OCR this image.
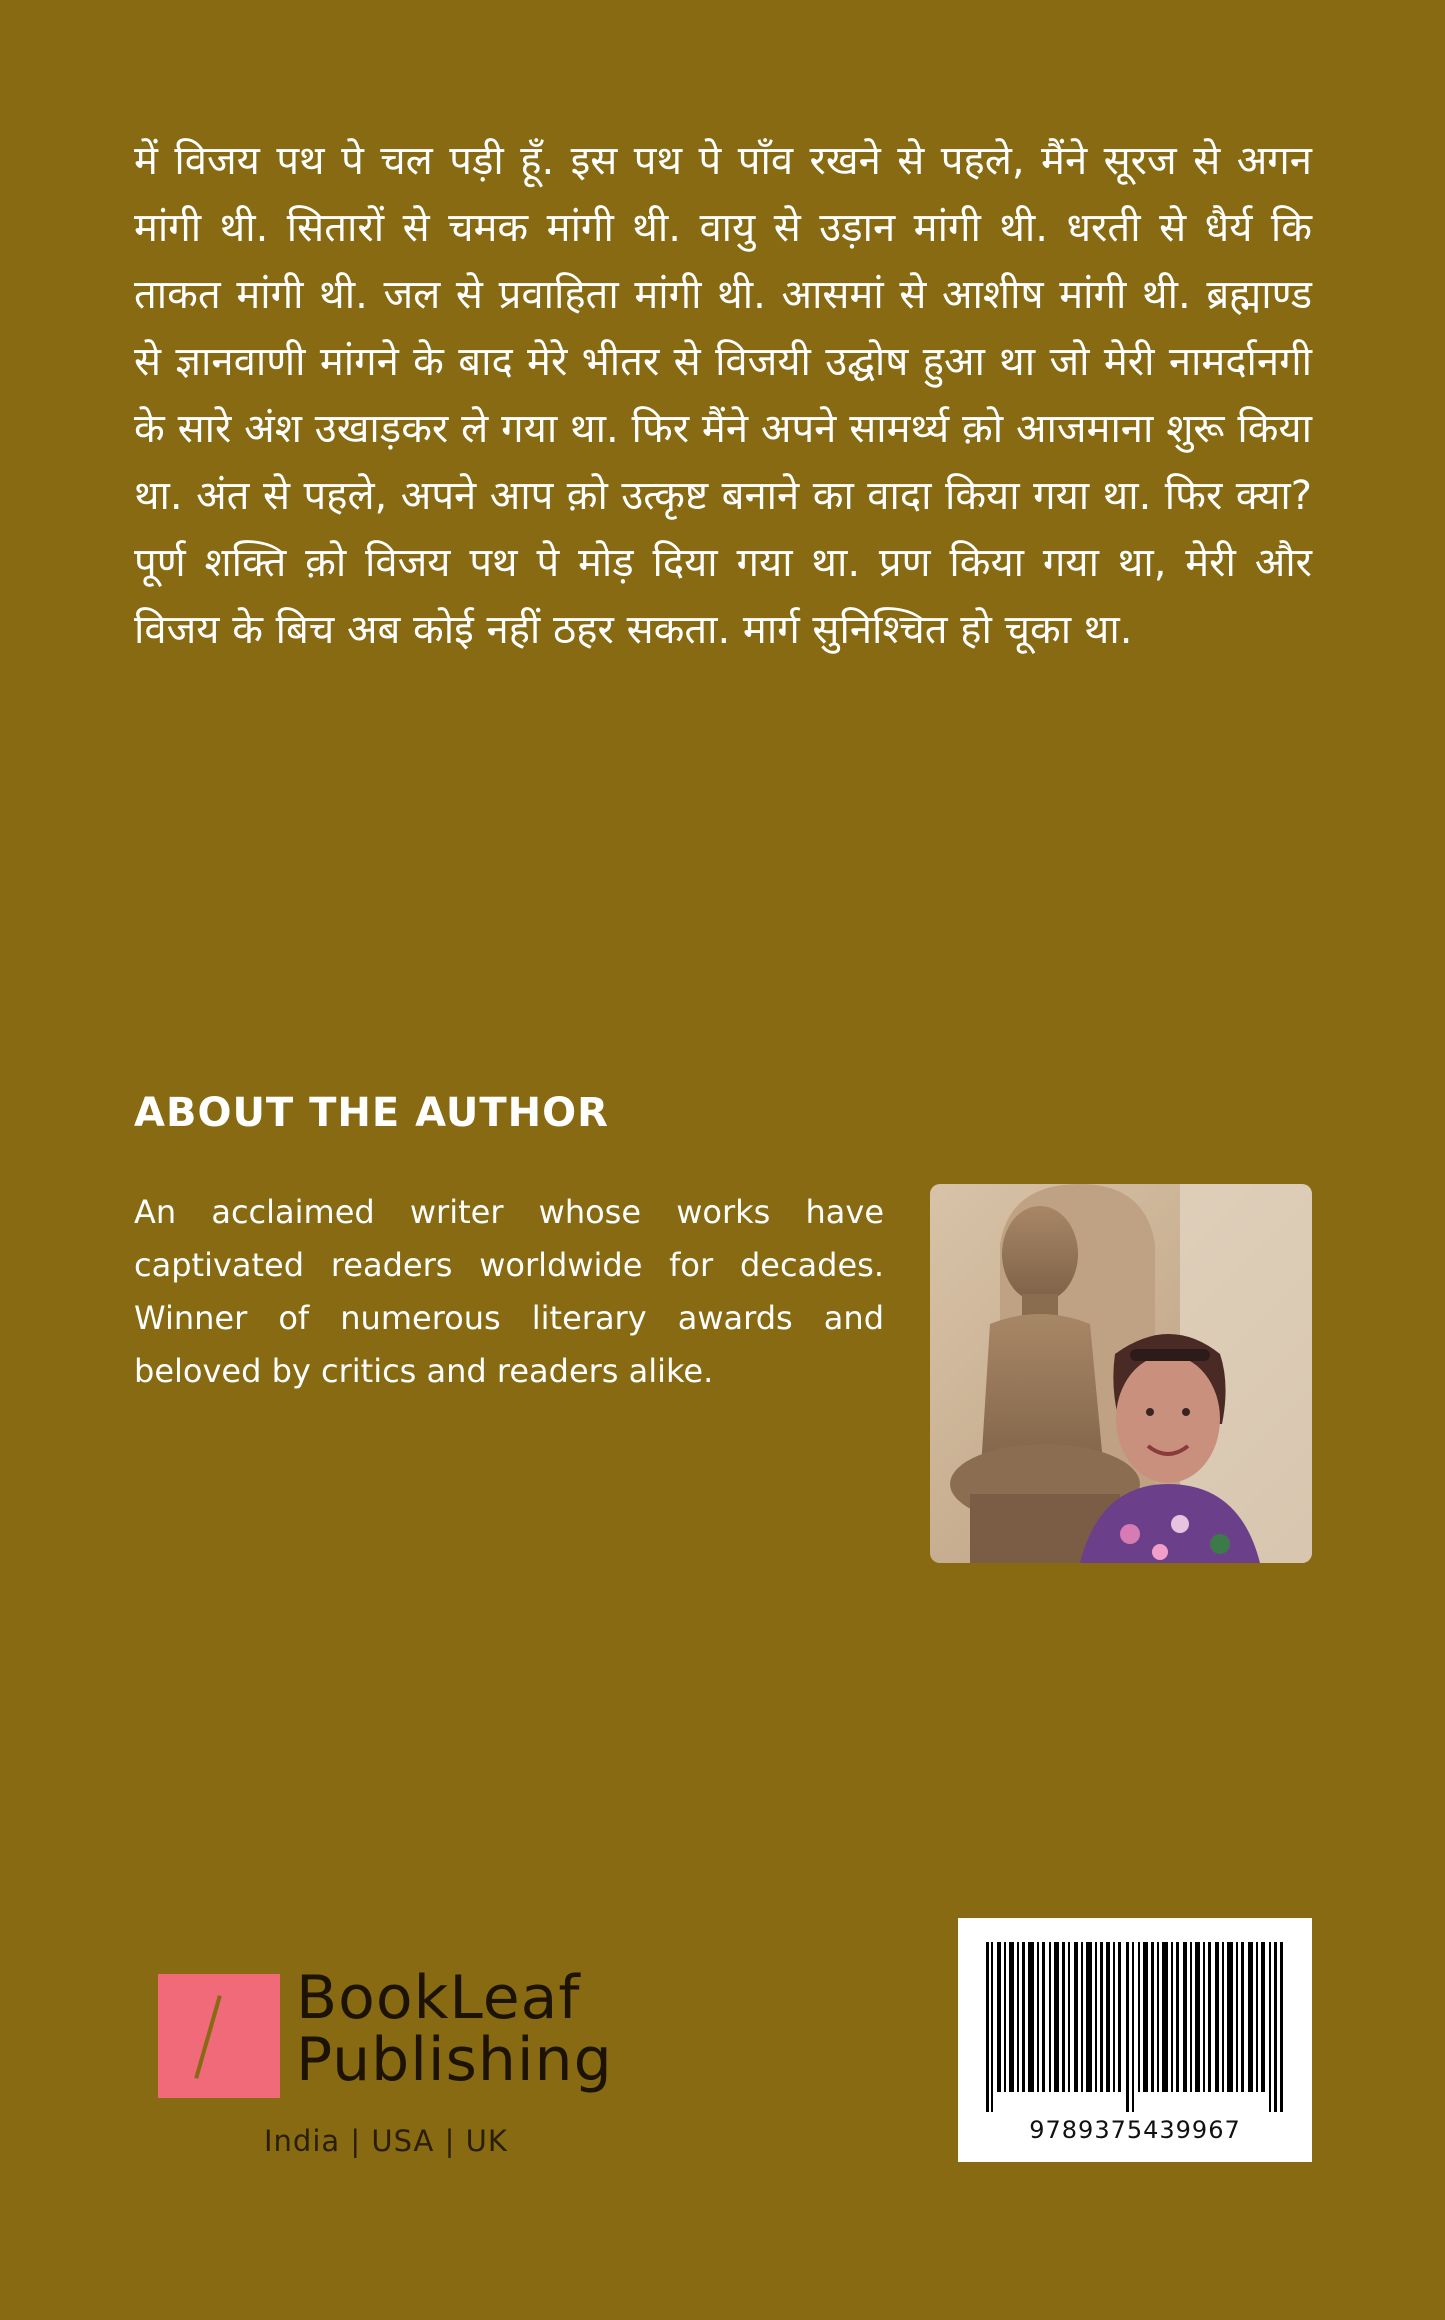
में विजय पथ पे चल पड़ी हूँ. इस पथ पे पाँव रखने से पहले, मैंने सूरज से अगन मांगी थी. सितारों से चमक मांगी थी. वायु से उड़ान मांगी थी. धरती से धैर्य कि ताकत मांगी थी. जल से प्रवाहिता मांगी थी. आसमां से आशीष मांगी थी. ब्रह्माण्ड से ज्ञानवाणी मांगने के बाद मेरे भीतर से विजयी उद्घोष हुआ था जो मेरी नामर्दानगी के सारे अंश उखाड़कर ले गया था. फिर मैंने अपने सामर्थ्य क़ो आजमाना शुरू किया था. अंत से पहले, अपने आप क़ो उत्कृष्ट बनाने का वादा किया गया था. फिर क्या? पूर्ण शक्ति क़ो विजय पथ पे मोड़ दिया गया था. प्रण किया गया था, मेरी और विजय के बिच अब कोई नहीं ठहर सकता. मार्ग सुनिश्चित हो चूका था.

ABOUT THE AUTHOR

An acclaimed writer whose works have captivated readers worldwide for decades. Winner of numerous literary awards and beloved by critics and readers alike.

BookLeaf
Publishing
India | USA | UK	9789375439967
